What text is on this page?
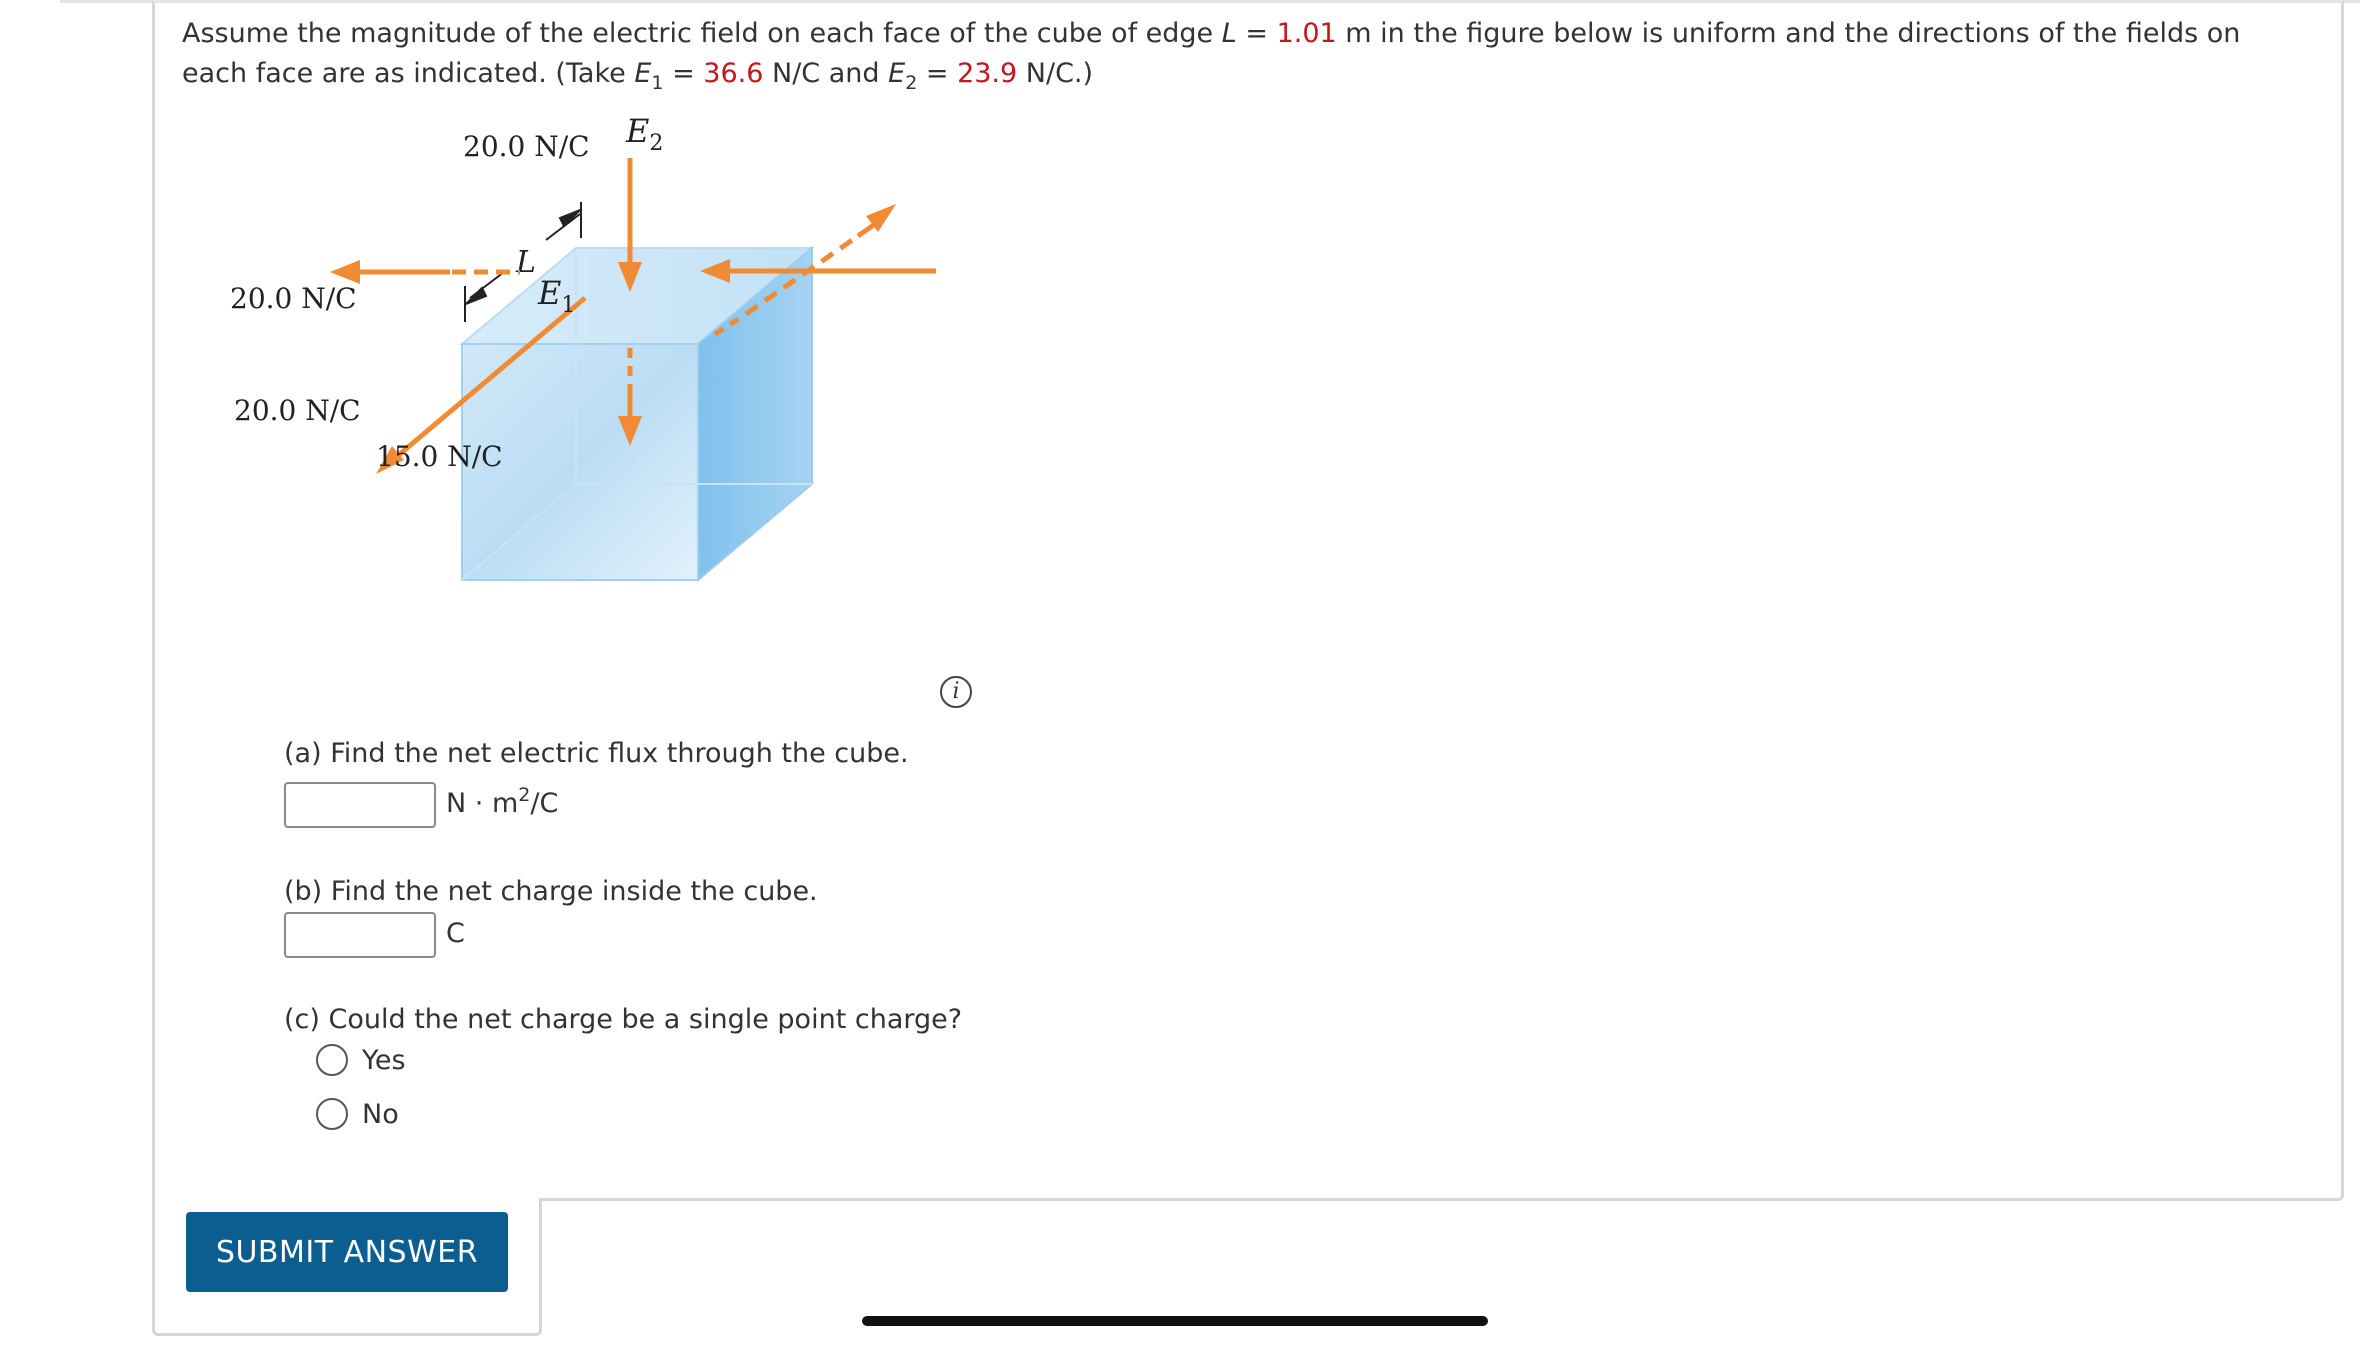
Assume the magnitude of the electric field on each face of the cube of edge L = 1.01 m in the figure below is uniform and the directions of the fields on each face are as indicated. (Take $E_1 = 36.6$ N/C and $E_2 = 23.9$ N/C.)
L
$E_2$
20.0 N/C
20.0 N/C	$E_1$
20.0 N/C
15.0 N/C
i
(a) Find the net electric flux through the cube.
$N \cdot m^2/C$
(b) Find the net charge inside the cube.
C
(c) Could the net charge be a single point charge?
Yes
No
SUBMIT ANSWER
